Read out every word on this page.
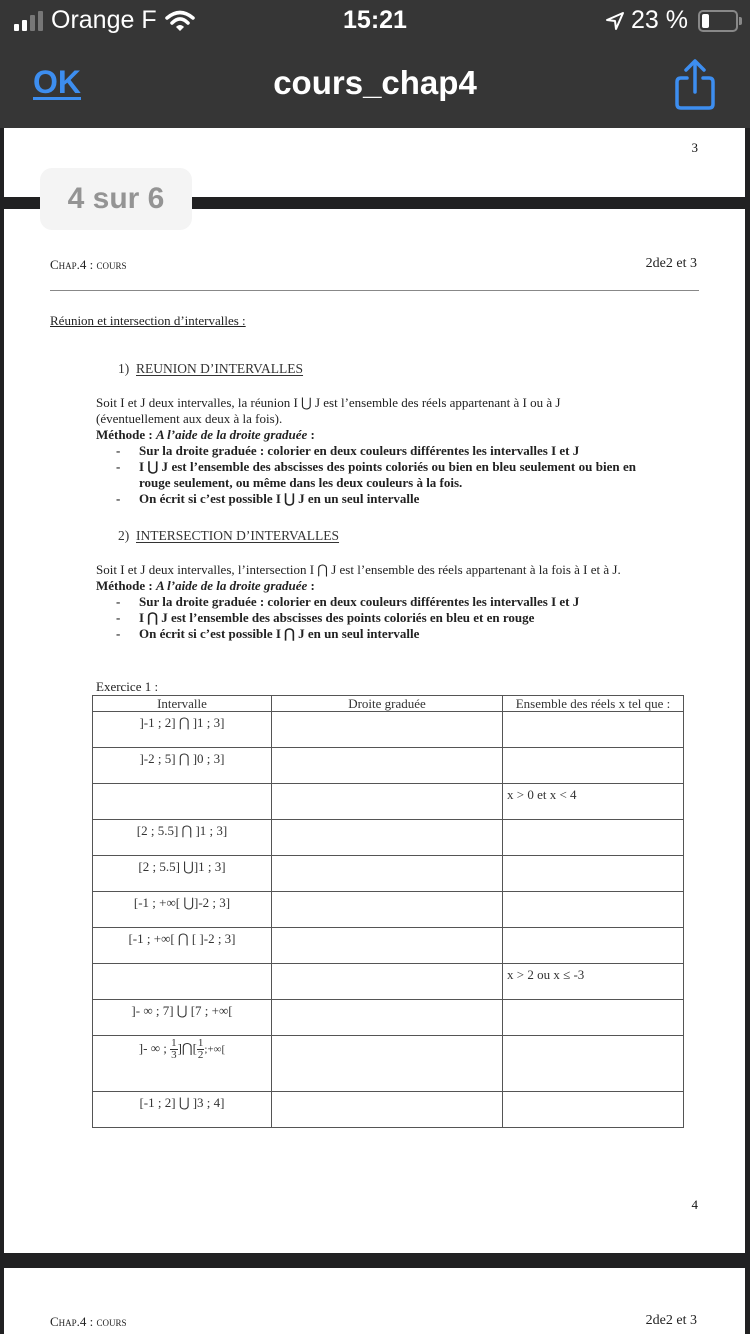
Orange F	15:21	23 %
OK	cours_chap4
3
Chap.4 : cours	2de2 et 3
Réunion et intersection d’intervalles :
1) REUNION D’INTERVALLES
Soit I et J deux intervalles, la réunion I ⋃ J est l’ensemble des réels appartenant à I ou à J (éventuellement aux deux à la fois).
Méthode : A l’aide de la droite graduée :
- Sur la droite graduée : colorier en deux couleurs différentes les intervalles I et J
- I ⋃ J est l’ensemble des abscisses des points coloriés ou bien en bleu seulement ou bien en rouge seulement, ou même dans les deux couleurs à la fois.
- On écrit si c’est possible I ⋃ J en un seul intervalle
2) INTERSECTION D’INTERVALLES
Soit I et J deux intervalles, l’intersection I ⋂ J est l’ensemble des réels appartenant à la fois à I et à J.
Méthode : A l’aide de la droite graduée :
- Sur la droite graduée : colorier en deux couleurs différentes les intervalles I et J
- I ⋂ J est l’ensemble des abscisses des points coloriés en bleu et en rouge
- On écrit si c’est possible I ⋂ J en un seul intervalle
Exercice 1 :
Intervalle	Droite graduée	Ensemble des réels x tel que :
]-1 ; 2] ⋂ ]1 ; 3]		
]-2 ; 5] ⋂ ]0 ; 3]		
		x > 0 et x < 4
[2 ; 5.5] ⋂ ]1 ; 3]		
[2 ; 5.5] ⋃]1 ; 3]		
[-1 ; +∞[ ⋃]-2 ; 3]		
[-1 ; +∞[ ⋂ [ ]-2 ; 3]		
		x > 2 ou x ≤ -3
]- ∞ ; 7] ⋃ [7 ; +∞[		
]- ∞ ; $\frac{1}{3}$ ]⋂[ $\frac{1}{2}$ ;+∞[		
[-1 ; 2] ⋃ ]3 ; 4]		
4
Chap.4 : cours	2de2 et 3
4 sur 6
